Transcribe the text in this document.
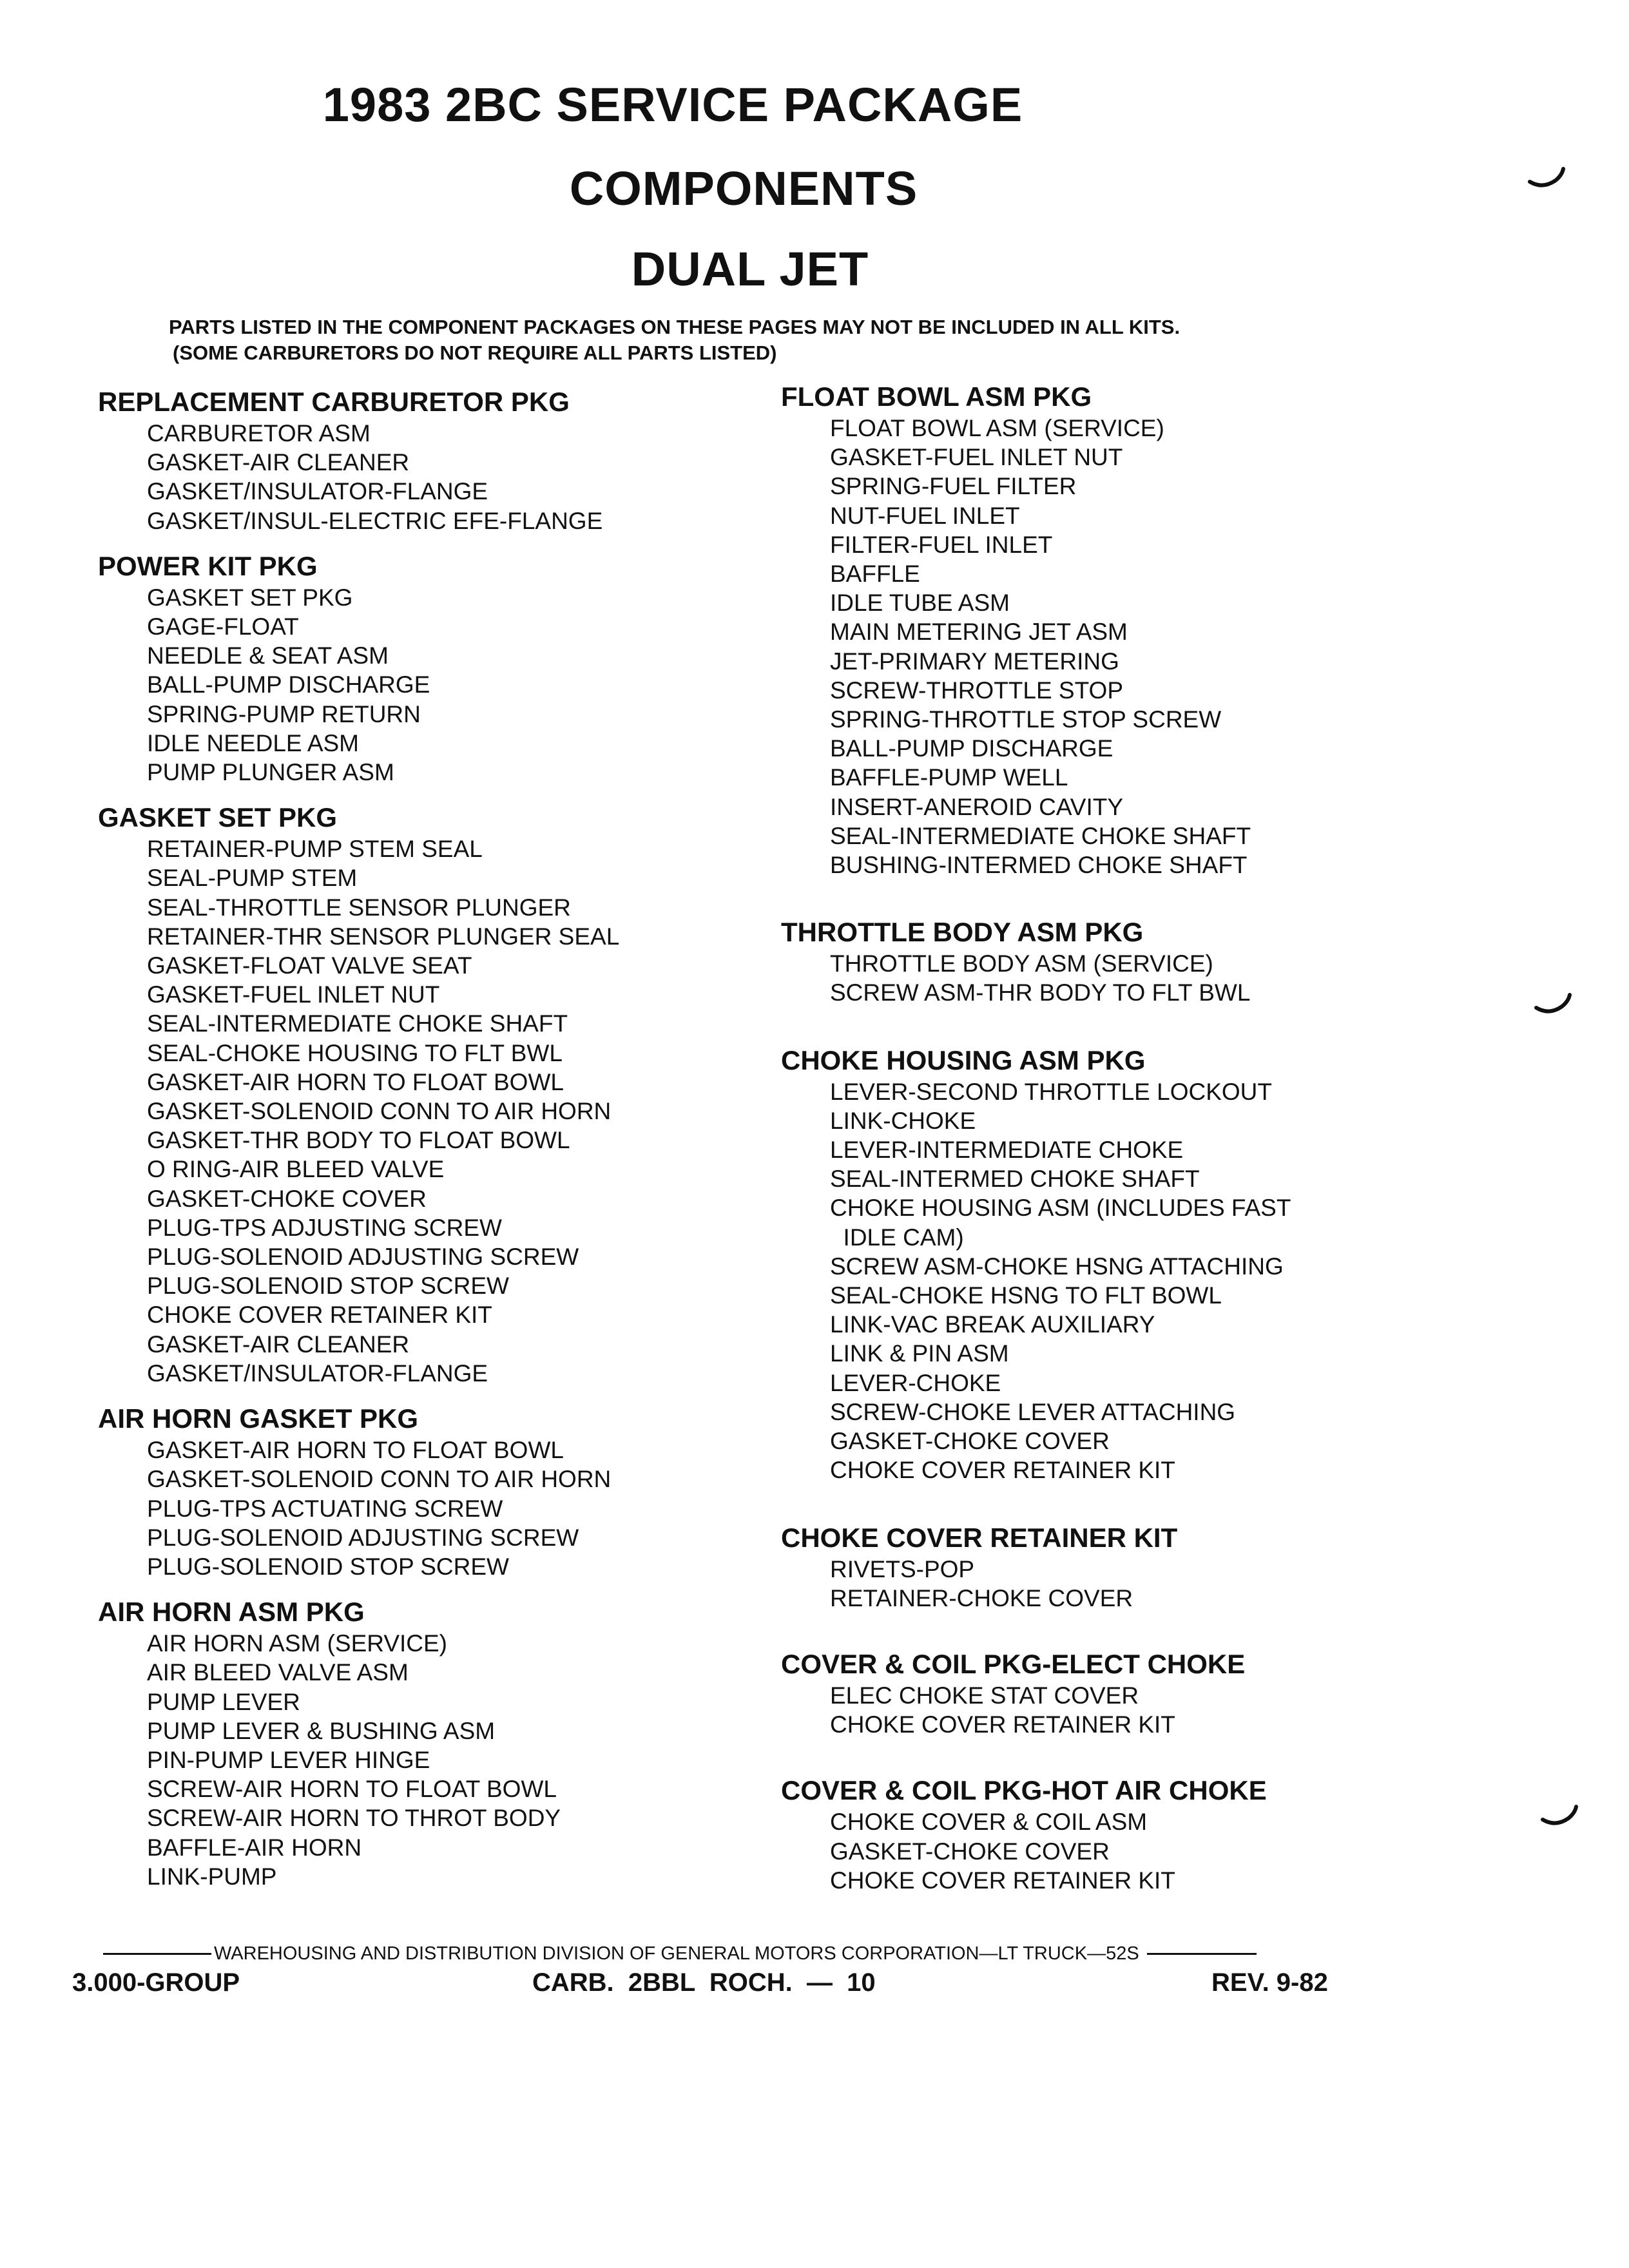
1983 2BC SERVICE PACKAGE
COMPONENTS
DUAL JET
PARTS LISTED IN THE COMPONENT PACKAGES ON THESE PAGES MAY NOT BE INCLUDED IN ALL KITS.
(SOME CARBURETORS DO NOT REQUIRE ALL PARTS LISTED)
REPLACEMENT CARBURETOR PKG
CARBURETOR ASM
GASKET-AIR CLEANER
GASKET/INSULATOR-FLANGE
GASKET/INSUL-ELECTRIC EFE-FLANGE
POWER KIT PKG
GASKET SET PKG
GAGE-FLOAT
NEEDLE & SEAT ASM
BALL-PUMP DISCHARGE
SPRING-PUMP RETURN
IDLE NEEDLE ASM
PUMP PLUNGER ASM
GASKET SET PKG
RETAINER-PUMP STEM SEAL
SEAL-PUMP STEM
SEAL-THROTTLE SENSOR PLUNGER
RETAINER-THR SENSOR PLUNGER SEAL
GASKET-FLOAT VALVE SEAT
GASKET-FUEL INLET NUT
SEAL-INTERMEDIATE CHOKE SHAFT
SEAL-CHOKE HOUSING TO FLT BWL
GASKET-AIR HORN TO FLOAT BOWL
GASKET-SOLENOID CONN TO AIR HORN
GASKET-THR BODY TO FLOAT BOWL
O RING-AIR BLEED VALVE
GASKET-CHOKE COVER
PLUG-TPS ADJUSTING SCREW
PLUG-SOLENOID ADJUSTING SCREW
PLUG-SOLENOID STOP SCREW
CHOKE COVER RETAINER KIT
GASKET-AIR CLEANER
GASKET/INSULATOR-FLANGE
AIR HORN GASKET PKG
GASKET-AIR HORN TO FLOAT BOWL
GASKET-SOLENOID CONN TO AIR HORN
PLUG-TPS ACTUATING SCREW
PLUG-SOLENOID ADJUSTING SCREW
PLUG-SOLENOID STOP SCREW
AIR HORN ASM PKG
AIR HORN ASM (SERVICE)
AIR BLEED VALVE ASM
PUMP LEVER
PUMP LEVER & BUSHING ASM
PIN-PUMP LEVER HINGE
SCREW-AIR HORN TO FLOAT BOWL
SCREW-AIR HORN TO THROT BODY
BAFFLE-AIR HORN
LINK-PUMP
FLOAT BOWL ASM PKG
FLOAT BOWL ASM (SERVICE)
GASKET-FUEL INLET NUT
SPRING-FUEL FILTER
NUT-FUEL INLET
FILTER-FUEL INLET
BAFFLE
IDLE TUBE ASM
MAIN METERING JET ASM
JET-PRIMARY METERING
SCREW-THROTTLE STOP
SPRING-THROTTLE STOP SCREW
BALL-PUMP DISCHARGE
BAFFLE-PUMP WELL
INSERT-ANEROID CAVITY
SEAL-INTERMEDIATE CHOKE SHAFT
BUSHING-INTERMED CHOKE SHAFT
THROTTLE BODY ASM PKG
THROTTLE BODY ASM (SERVICE)
SCREW ASM-THR BODY TO FLT BWL
CHOKE HOUSING ASM PKG
LEVER-SECOND THROTTLE LOCKOUT
LINK-CHOKE
LEVER-INTERMEDIATE CHOKE
SEAL-INTERMED CHOKE SHAFT
CHOKE HOUSING ASM (INCLUDES FAST
IDLE CAM)
SCREW ASM-CHOKE HSNG ATTACHING
SEAL-CHOKE HSNG TO FLT BOWL
LINK-VAC BREAK AUXILIARY
LINK & PIN ASM
LEVER-CHOKE
SCREW-CHOKE LEVER ATTACHING
GASKET-CHOKE COVER
CHOKE COVER RETAINER KIT
CHOKE COVER RETAINER KIT
RIVETS-POP
RETAINER-CHOKE COVER
COVER & COIL PKG-ELECT CHOKE
ELEC CHOKE STAT COVER
CHOKE COVER RETAINER KIT
COVER & COIL PKG-HOT AIR CHOKE
CHOKE COVER & COIL ASM
GASKET-CHOKE COVER
CHOKE COVER RETAINER KIT
WAREHOUSING AND DISTRIBUTION DIVISION OF GENERAL MOTORS CORPORATION—LT TRUCK—52S
3.000-GROUP	CARB.  2BBL  ROCH.  —  10	REV. 9-82
